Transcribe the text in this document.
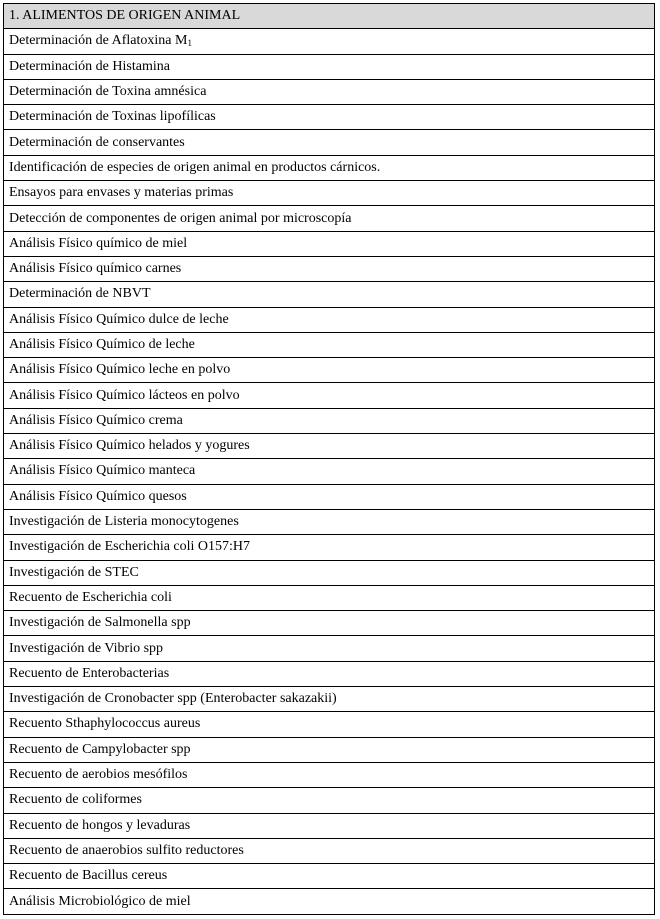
1. ALIMENTOS DE ORIGEN ANIMAL
Determinación de Aflatoxina $M_1$
Determinación de Histamina
Determinación de Toxina amnésica
Determinación de Toxinas lipofílicas
Determinación de conservantes
Identificación de especies de origen animal en productos cárnicos.
Ensayos para envases y materias primas
Detección de componentes de origen animal por microscopía
Análisis Físico químico de miel
Análisis Físico químico carnes
Determinación de NBVT
Análisis Físico Químico dulce de leche
Análisis Físico Químico de leche
Análisis Físico Químico leche en polvo
Análisis Físico Químico lácteos en polvo
Análisis Físico Químico crema
Análisis Físico Químico helados y yogures
Análisis Físico Químico manteca
Análisis Físico Químico quesos
Investigación de Listeria monocytogenes
Investigación de Escherichia coli O157:H7
Investigación de STEC
Recuento de Escherichia coli
Investigación de Salmonella spp
Investigación de Vibrio spp
Recuento de Enterobacterias
Investigación de Cronobacter spp (Enterobacter sakazakii)
Recuento Sthaphylococcus aureus
Recuento de Campylobacter spp
Recuento de aerobios mesófilos
Recuento de coliformes
Recuento de hongos y levaduras
Recuento de anaerobios sulfito reductores
Recuento de Bacillus cereus
Análisis Microbiológico de miel
